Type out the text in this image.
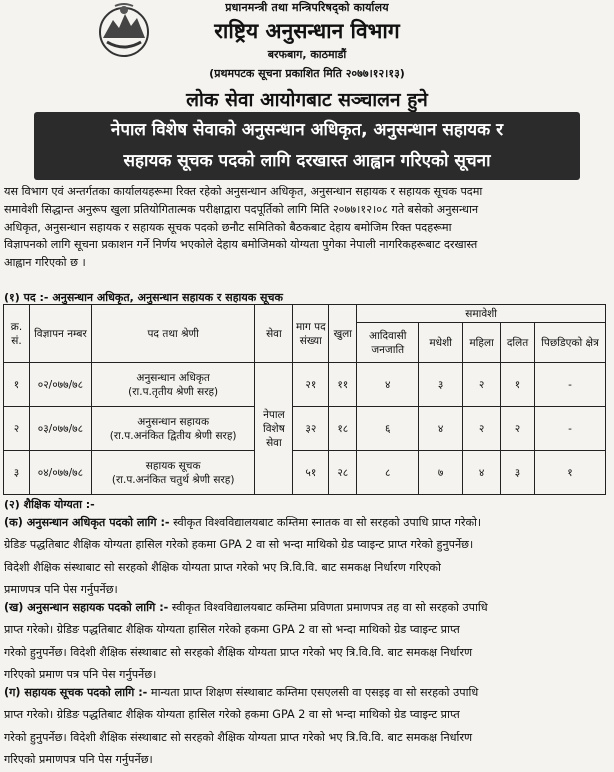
प्रधानमन्त्री तथा मन्त्रिपरिषद्को कार्यालय
राष्ट्रिय अनुसन्धान विभाग
बरफबाग, काठमाडौं
(प्रथमपटक सूचना प्रकाशित मिति २०७७।१२।१३)
लोक सेवा आयोगबाट सञ्चालन हुने
नेपाल विशेष सेवाको अनुसन्धान अधिकृत, अनुसन्धान सहायक र
सहायक सूचक पदको लागि दरखास्त आह्वान गरिएको सूचना
यस विभाग एवं अन्तर्गतका कार्यालयहरूमा रिक्त रहेको अनुसन्धान अधिकृत, अनुसन्धान सहायक र सहायक सूचक पदमा
समावेशी सिद्धान्त अनुरूप खुला प्रतियोगितात्मक परीक्षाद्वारा पदपूर्तिको लागि मिति २०७७।१२।०८ गते बसेको अनुसन्धान
अधिकृत, अनुसन्धान सहायक र सहायक सूचक पदको छनौट समितिको बैठकबाट देहाय बमोजिम रिक्त पदहरूमा
विज्ञापनको लागि सूचना प्रकाशन गर्ने निर्णय भएकोले देहाय बमोजिमको योग्यता पुगेका नेपाली नागरिकहरूबाट दरखास्त
आह्वान गरिएको छ ।
(१) पद :- अनुसन्धान अधिकृत, अनुसन्धान सहायक र सहायक सूचक
क्र. सं.	विज्ञापन नम्बर	पद तथा श्रेणी	सेवा	माग पद संख्या	खुला	समावेशी				
						आदिवासी जनजाति	मधेशी	महिला	दलित	पिछडिएको क्षेत्र
१	०२/०७७/७८	अनुसन्धान अधिकृत
(रा.प.तृतीय श्रेणी सरह)	नेपाल विशेष सेवा	२१	११	४	३	२	१	-
२	०३/०७७/७८	अनुसन्धान सहायक
(रा.प.अनंकित द्वितीय श्रेणी सरह)		३२	१८	६	४	२	२	-
३	०४/०७७/७८	सहायक सूचक
(रा.प.अनंकित चतुर्थ श्रेणी सरह)		५१	२८	८	७	४	३	१
(२) शैक्षिक योग्यता :-
(क) अनुसन्धान अधिकृत पदको लागि :- स्वीकृत विश्वविद्यालयबाट कम्तिमा स्नातक वा सो सरहको उपाधि प्राप्त गरेको।
ग्रेडिङ पद्धतिबाट शैक्षिक योग्यता हासिल गरेको हकमा GPA 2 वा सो भन्दा माथिको ग्रेड प्वाइन्ट प्राप्त गरेको हुनुपर्नेछ।
विदेशी शैक्षिक संस्थाबाट सो सरहको शैक्षिक योग्यता प्राप्त गरेको भए त्रि.वि.वि. बाट समकक्ष निर्धारण गरिएको
प्रमाणपत्र पनि पेस गर्नुपर्नेछ।
(ख) अनुसन्धान सहायक पदको लागि :- स्वीकृत विश्वविद्यालयबाट कम्तिमा प्रविणता प्रमाणपत्र तह वा सो सरहको उपाधि
प्राप्त गरेको। ग्रेडिङ पद्धतिबाट शैक्षिक योग्यता हासिल गरेको हकमा GPA 2 वा सो भन्दा माथिको ग्रेड प्वाइन्ट प्राप्त
गरेको हुनुपर्नेछ। विदेशी शैक्षिक संस्थाबाट सो सरहको शैक्षिक योग्यता प्राप्त गरेको भए त्रि.वि.वि. बाट समकक्ष निर्धारण
गरिएको प्रमाण पत्र पनि पेस गर्नुपर्नेछ।
(ग) सहायक सूचक पदको लागि :- मान्यता प्राप्त शिक्षण संस्थाबाट कम्तिमा एसएलसी वा एसइइ वा सो सरहको उपाधि
प्राप्त गरेको। ग्रेडिङ पद्धतिबाट शैक्षिक योग्यता हासिल गरेको हकमा GPA 2 वा सो भन्दा माथिको ग्रेड प्वाइन्ट प्राप्त
गरेको हुनुपर्नेछ। विदेशी शैक्षिक संस्थाबाट सो सरहको शैक्षिक योग्यता प्राप्त गरेको भए त्रि.वि.वि. बाट समकक्ष निर्धारण
गरिएको प्रमाणपत्र पनि पेस गर्नुपर्नेछ।
